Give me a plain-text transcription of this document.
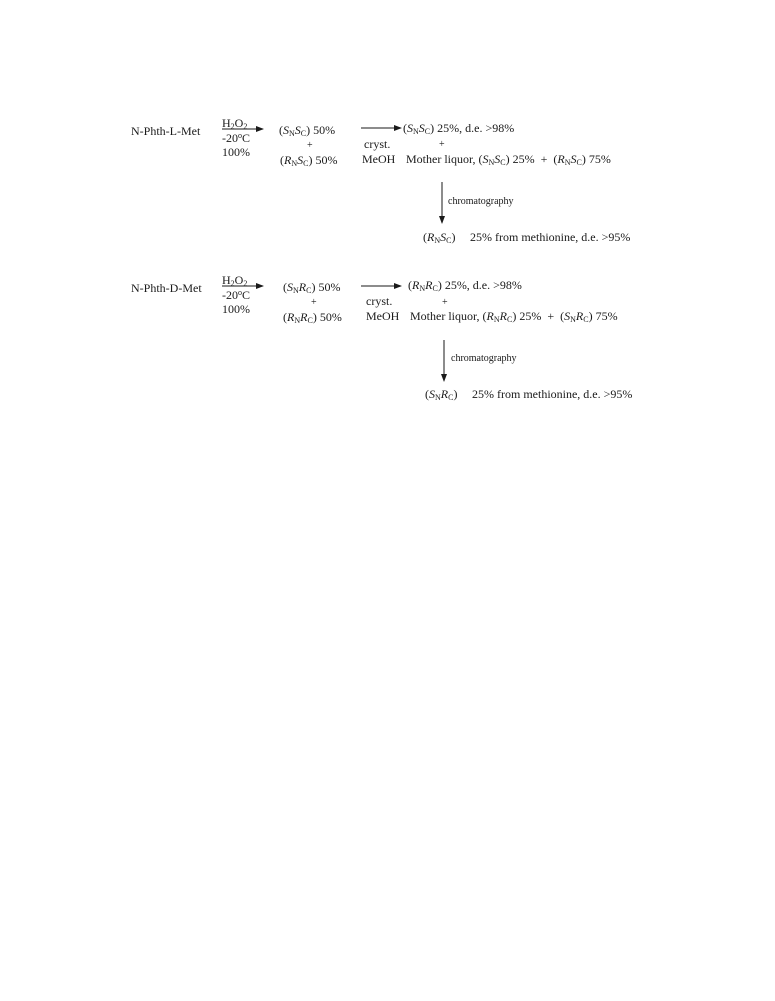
N-Phth-L-Met
$H_2O_2$
-20$^o$C
100%
$(S_NS_C)$ 50%
+
$(R_NS_C)$ 50%
cryst.
MeOH
$(S_NS_C)$ 25%, d.e. >98%
+
Mother liquor, $(S_NS_C) 25\% + (R_NS_C)$ 75%
chromatography
$(R_NS_C)$ 25% from methionine, d.e. >95%
N-Phth-D-Met
$H_2O_2$
-20$^o$C
100%
$(S_NR_C)$ 50%
+
$(R_NR_C)$ 50%
cryst.
MeOH
$(R_NR_C)$ 25%, d.e. >98%
+
Mother liquor, $(R_NR_C) 25\% + (S_NR_C)$ 75%
chromatography
$(S_NR_C)$ 25% from methionine, d.e. >95%
